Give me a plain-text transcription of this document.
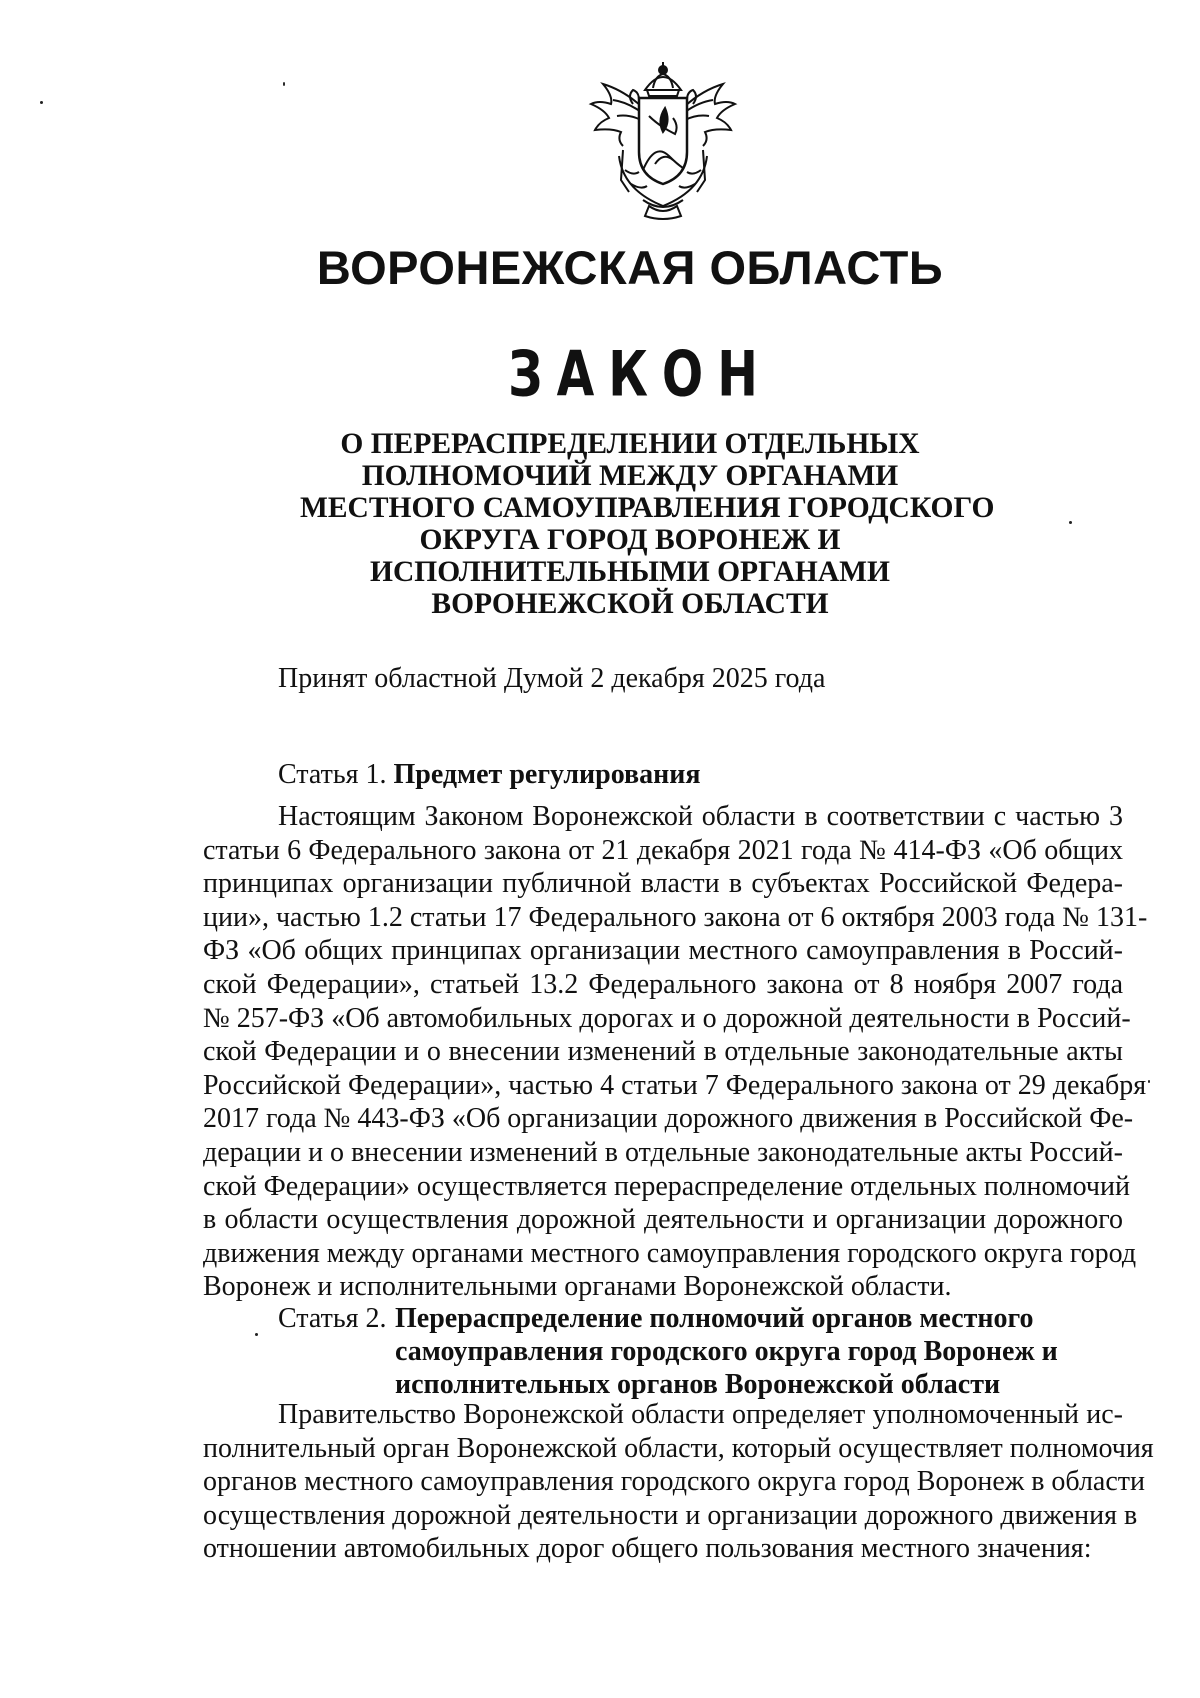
ВОРОНЕЖСКАЯ ОБЛАСТЬ
ЗАКОН
О ПЕРЕРАСПРЕДЕЛЕНИИ ОТДЕЛЬНЫХ
ПОЛНОМОЧИЙ МЕЖДУ ОРГАНАМИ
МЕСТНОГО САМОУПРАВЛЕНИЯ ГОРОДСКОГО
ОКРУГА ГОРОД ВОРОНЕЖ И
ИСПОЛНИТЕЛЬНЫМИ ОРГАНАМИ
ВОРОНЕЖСКОЙ ОБЛАСТИ
Принят областной Думой 2 декабря 2025 года
Статья 1. Предмет регулирования
Настоящим Законом Воронежской области в соответствии с частью 3
статьи 6 Федерального закона от 21 декабря 2021 года № 414-ФЗ «Об общих
принципах организации публичной власти в субъектах Российской Федера-
ции», частью 1.2 статьи 17 Федерального закона от 6 октября 2003 года № 131-
ФЗ «Об общих принципах организации местного самоуправления в Россий-
ской Федерации», статьей 13.2 Федерального закона от 8 ноября 2007 года
№ 257-ФЗ «Об автомобильных дорогах и о дорожной деятельности в Россий-
ской Федерации и о внесении изменений в отдельные законодательные акты
Российской Федерации», частью 4 статьи 7 Федерального закона от 29 декабря
2017 года № 443-ФЗ «Об организации дорожного движения в Российской Фе-
дерации и о внесении изменений в отдельные законодательные акты Россий-
ской Федерации» осуществляется перераспределение отдельных полномочий
в области осуществления дорожной деятельности и организации дорожного
движения между органами местного самоуправления городского округа город
Воронеж и исполнительными органами Воронежской области.
Статья 2. Перераспределение полномочий органов местного
самоуправления городского округа город Воронеж и
исполнительных органов Воронежской области
Правительство Воронежской области определяет уполномоченный ис-
полнительный орган Воронежской области, который осуществляет полномочия
органов местного самоуправления городского округа город Воронеж в области
осуществления дорожной деятельности и организации дорожного движения в
отношении автомобильных дорог общего пользования местного значения:
